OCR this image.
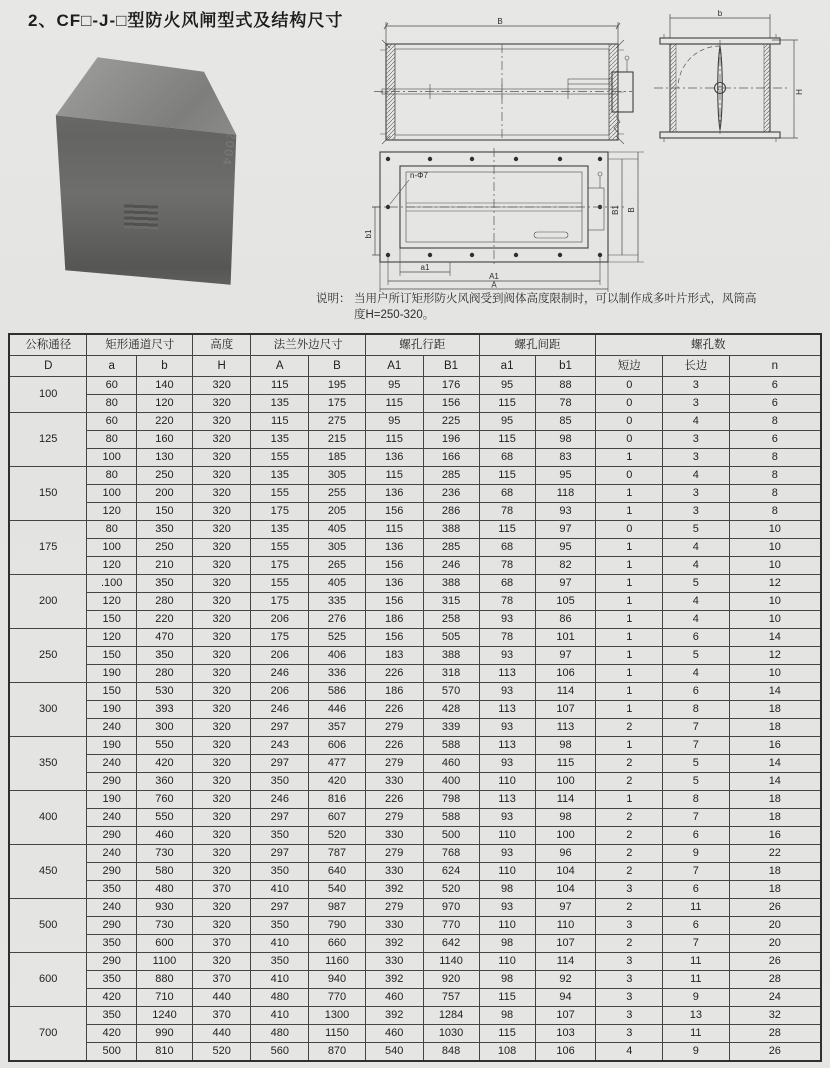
2、CF□-J-□型防火风闸型式及结构尺寸
2004
B
b
H
n-Φ7
b1
B1 B
a1
A1
A
说明： 当用户所订矩形防火风阀受到阀体高度限制时，可以制作成多叶片形式，风筒高
度H=250-320。
公称通径	矩形通道尺寸		高度	法兰外边尺寸		螺孔行距		螺孔间距		螺孔数		
D	a	b	H	A	B	A1	B1	a1	b1	短边	长边	n
100	60	140	320	115	195	95	176	95	88	0	3	6
	80	120	320	135	175	115	156	115	78	0	3	6
125	60	220	320	115	275	95	225	95	85	0	4	8
	80	160	320	135	215	115	196	115	98	0	3	6
	100	130	320	155	185	136	166	68	83	1	3	8
150	80	250	320	135	305	115	285	115	95	0	4	8
	100	200	320	155	255	136	236	68	118	1	3	8
	120	150	320	175	205	156	286	78	93	1	3	8
175	80	350	320	135	405	115	388	115	97	0	5	10
	100	250	320	155	305	136	285	68	95	1	4	10
	120	210	320	175	265	156	246	78	82	1	4	10
200	.100	350	320	155	405	136	388	68	97	1	5	12
	120	280	320	175	335	156	315	78	105	1	4	10
	150	220	320	206	276	186	258	93	86	1	4	10
250	120	470	320	175	525	156	505	78	101	1	6	14
	150	350	320	206	406	183	388	93	97	1	5	12
	190	280	320	246	336	226	318	113	106	1	4	10
300	150	530	320	206	586	186	570	93	114	1	6	14
	190	393	320	246	446	226	428	113	107	1	8	18
	240	300	320	297	357	279	339	93	113	2	7	18
350	190	550	320	243	606	226	588	113	98	1	7	16
	240	420	320	297	477	279	460	93	115	2	5	14
	290	360	320	350	420	330	400	110	100	2	5	14
400	190	760	320	246	816	226	798	113	114	1	8	18
	240	550	320	297	607	279	588	93	98	2	7	18
	290	460	320	350	520	330	500	110	100	2	6	16
450	240	730	320	297	787	279	768	93	96	2	9	22
	290	580	320	350	640	330	624	110	104	2	7	18
	350	480	370	410	540	392	520	98	104	3	6	18
500	240	930	320	297	987	279	970	93	97	2	11	26
	290	730	320	350	790	330	770	110	110	3	6	20
	350	600	370	410	660	392	642	98	107	2	7	20
600	290	1100	320	350	1160	330	1140	110	114	3	11	26
	350	880	370	410	940	392	920	98	92	3	11	28
	420	710	440	480	770	460	757	115	94	3	9	24
700	350	1240	370	410	1300	392	1284	98	107	3	13	32
	420	990	440	480	1150	460	1030	115	103	3	11	28
	500	810	520	560	870	540	848	108	106	4	9	26
